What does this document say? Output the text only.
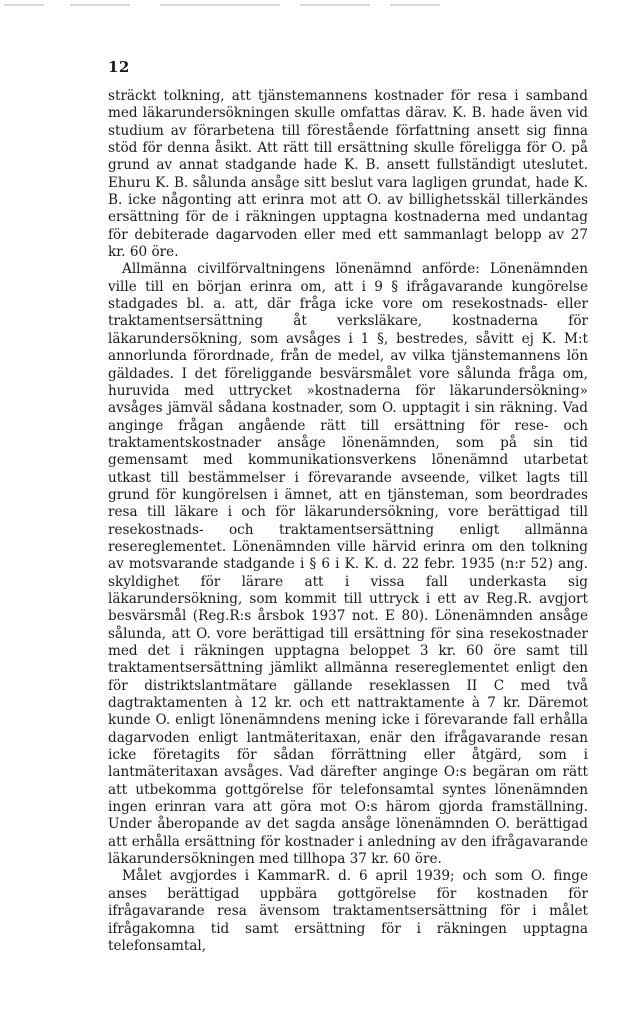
12

sträckt tolkning, att tjänstemannens kostnader för resa i samband med läkarundersökningen skulle omfattas därav. K. B. hade även vid studium av förarbetena till förestående författning ansett sig finna stöd för denna åsikt. Att rätt till ersättning skulle föreligga för O. på grund av annat stadgande hade K. B. ansett fullständigt uteslutet. Ehuru K. B. sålunda ansåge sitt beslut vara lagligen grundat, hade K. B. icke någonting att erinra mot att O. av billighetsskäl tillerkändes ersättning för de i räkningen upptagna kostnaderna med undantag för debiterade dagarvoden eller med ett sammanlagt belopp av 27 kr. 60 öre.

Allmänna civilförvaltningens lönenämnd anförde: Lönenämnden ville till en början erinra om, att i 9 § ifrågavarande kungörelse stadgades bl. a. att, där fråga icke vore om resekostnads- eller traktamentsersättning åt verksläkare, kostnaderna för läkarundersökning, som avsåges i 1 §, bestredes, såvitt ej K. M:t annorlunda förordnade, från de medel, av vilka tjänstemannens lön gäldades. I det föreliggande besvärsmålet vore sålunda fråga om, huruvida med uttrycket »kostnaderna för läkarundersökning» avsåges jämväl sådana kostnader, som O. upptagit i sin räkning. Vad anginge frågan angående rätt till ersättning för rese- och traktamentskostnader ansåge lönenämnden, som på sin tid gemensamt med kommunikationsverkens lönenämnd utarbetat utkast till bestämmelser i förevarande avseende, vilket lagts till grund för kungörelsen i ämnet, att en tjänsteman, som beordrades resa till läkare i och för läkarundersökning, vore berättigad till resekostnads- och traktamentsersättning enligt allmänna resereglementet. Lönenämnden ville härvid erinra om den tolkning av motsvarande stadgande i § 6 i K. K. d. 22 febr. 1935 (n:r 52) ang. skyldighet för lärare att i vissa fall underkasta sig läkarundersökning, som kommit till uttryck i ett av Reg.R. avgjort besvärsmål (Reg.R:s årsbok 1937 not. E 80). Lönenämnden ansåge sålunda, att O. vore berättigad till ersättning för sina resekostnader med det i räkningen upptagna beloppet 3 kr. 60 öre samt till traktamentsersättning jämlikt allmänna resereglementet enligt den för distriktslantmätare gällande reseklassen II C med två dagtraktamenten à 12 kr. och ett nattraktamente à 7 kr. Däremot kunde O. enligt lönenämndens mening icke i förevarande fall erhålla dagarvoden enligt lantmäteritaxan, enär den ifrågavarande resan icke företagits för sådan förrättning eller åtgärd, som i lantmäteritaxan avsåges. Vad därefter anginge O:s begäran om rätt att utbekomma gottgörelse för telefonsamtal syntes lönenämnden ingen erinran vara att göra mot O:s härom gjorda framställning. Under åberopande av det sagda ansåge lönenämnden O. berättigad att erhålla ersättning för kostnader i anledning av den ifrågavarande läkarundersökningen med tillhopa 37 kr. 60 öre.

Målet avgjordes i KammarR. d. 6 april 1939; och som O. finge anses berättigad uppbära gottgörelse för kostnaden för ifrågavarande resa ävensom traktamentsersättning för i målet ifrågakomna tid samt ersättning för i räkningen upptagna telefonsamtal,
